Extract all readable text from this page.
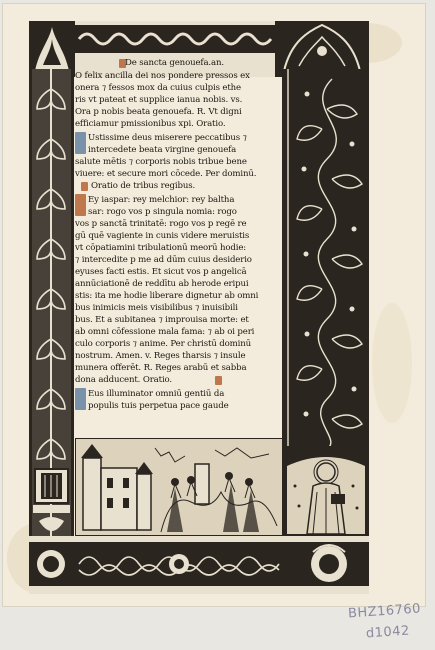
De sancta genouefa.an.
O felix ancilla dei nos pondere pressos ex
onera ⁊ fessos mox da cuius culpis ethe
ris vt pateat et supplice ianua nobis. vs.
Ora p nobis beata genouefa. R. Vt digni
efficiamur pmissionibus xpi. Oratio.
Ustissime deus miserere peccatibus ⁊
intercedete beata virgine genouefa
salute mētis ⁊ corporis nobis tribue bene
viuere: et secure mori cōcede. Per dominū.
Oratio de tribus regibus.
Ey iaspar: rey melchior: rey baltha
sar: rogo vos p singula nomia: rogo
vos p sanctā trinitatē: rogo vos p regē re
gū quē vagiente in cunis videre meruistis
vt cōpatiamini tribulationū meorū hodie:
⁊ intercedite p me ad dūm cuius desiderio
eyuses facti estis. Et sicut vos p angelicā
annūciationē de reddītu ab herode eripui
stis: ita me hodie liberare dignetur ab omni
bus inimicis meis visibilibus ⁊ inuisibili
bus. Et a subitanea ⁊ improuisa morte: et
ab omni cōfessione mala fama: ⁊ ab oi peri
culo corporis ⁊ anime. Per christū dominū
nostrum. Amen. v. Reges tharsis ⁊ insule
munera offerēt. R. Reges arabū et sabba
dona adducent. Oratio.
Eus illuminator omniū gentiū da
populis tuis perpetua pace gaude
BHZ16760
d1042
